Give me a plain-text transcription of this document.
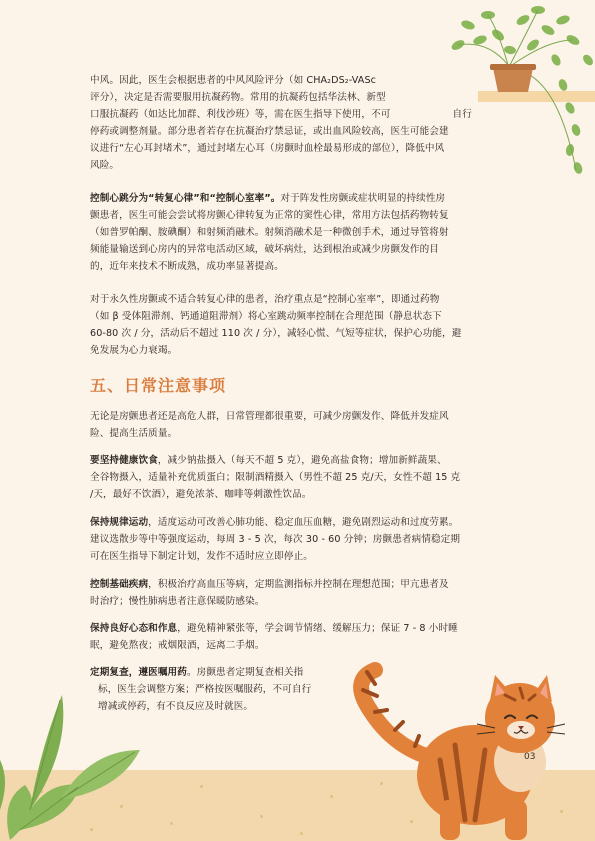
中风。因此，医生会根据患者的中风风险评分（如 CHA₂DS₂-VASc
评分），决定是否需要服用抗凝药物。常用的抗凝药包括华法林、新型
口服抗凝药（如达比加群、利伐沙班）等，需在医生指导下使用，不可	自行
停药或调整剂量。部分患者若存在抗凝治疗禁忌证，或出血风险较高，医生可能会建
议进行“左心耳封堵术”，通过封堵左心耳（房颤时血栓最易形成的部位），降低中风
风险。
控制心跳分为“转复心律”和“控制心室率”。对于阵发性房颤或症状明显的持续性房
颤患者，医生可能会尝试将房颤心律转复为正常的窦性心律，常用方法包括药物转复
（如普罗帕酮、胺碘酮）和射频消融术。射频消融术是一种微创手术，通过导管将射
频能量输送到心房内的异常电活动区域，破坏病灶，达到根治或减少房颤发作的目
的，近年来技术不断成熟，成功率显著提高。
对于永久性房颤或不适合转复心律的患者，治疗重点是“控制心室率”，即通过药物
（如 β 受体阻滞剂、钙通道阻滞剂）将心室跳动频率控制在合理范围（静息状态下
60-80 次 / 分，活动后不超过 110 次 / 分），减轻心慌、气短等症状，保护心功能，避
免发展为心力衰竭。
五、日常注意事项
无论是房颤患者还是高危人群，日常管理都很重要，可减少房颤发作、降低并发症风
险、提高生活质量。
要坚持健康饮食，减少钠盐摄入（每天不超 5 克），避免高盐食物；增加新鲜蔬果、
全谷物摄入，适量补充优质蛋白；限制酒精摄入（男性不超 25 克/天，女性不超 15 克
/天，最好不饮酒），避免浓茶、咖啡等刺激性饮品。
保持规律运动，适度运动可改善心肺功能、稳定血压血糖，避免剧烈运动和过度劳累。
建议选散步等中等强度运动，每周 3 - 5 次，每次 30 - 60 分钟；房颤患者病情稳定期
可在医生指导下制定计划，发作不适时应立即停止。
控制基础疾病，积极治疗高血压等病，定期监测指标并控制在理想范围；甲亢患者及
时治疗；慢性肺病患者注意保暖防感染。
保持良好心态和作息，避免精神紧张等，学会调节情绪、缓解压力；保证 7 - 8 小时睡
眠，避免熬夜；戒烟限酒，远离二手烟。
定期复查，遵医嘱用药。房颤患者定期复查相关指
标，医生会调整方案；严格按医嘱服药，不可自行
增减或停药，有不良反应及时就医。
03
